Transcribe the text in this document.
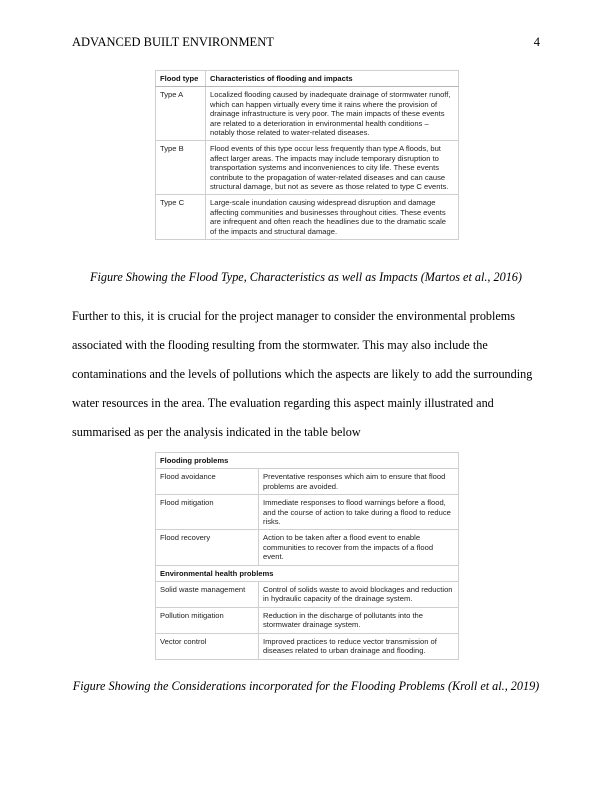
ADVANCED BUILT ENVIRONMENT	4
Flood type	Characteristics of flooding and impacts
Type A	Localized flooding caused by inadequate drainage of stormwater runoff, which can happen virtually every time it rains where the provision of drainage infrastructure is very poor. The main impacts of these events are related to a deterioration in environmental health conditions – notably those related to water-related diseases.
Type B	Flood events of this type occur less frequently than type A floods, but affect larger areas. The impacts may include temporary disruption to transportation systems and inconveniences to city life. These events contribute to the propagation of water-related diseases and can cause structural damage, but not as severe as those related to type C events.
Type C	Large-scale inundation causing widespread disruption and damage affecting communities and businesses throughout cities. These events are infrequent and often reach the headlines due to the dramatic scale of the impacts and structural damage.
Figure Showing the Flood Type, Characteristics as well as Impacts (Martos et al., 2016)

Further to this, it is crucial for the project manager to consider the environmental problems associated with the flooding resulting from the stormwater. This may also include the contaminations and the levels of pollutions which the aspects are likely to add the surrounding water resources in the area. The evaluation regarding this aspect mainly illustrated and summarised as per the analysis indicated in the table below

Flooding problems	
Flood avoidance	Preventative responses which aim to ensure that flood problems are avoided.
Flood mitigation	Immediate responses to flood warnings before a flood, and the course of action to take during a flood to reduce risks.
Flood recovery	Action to be taken after a flood event to enable communities to recover from the impacts of a flood event.
Environmental health problems	
Solid waste management	Control of solids waste to avoid blockages and reduction in hydraulic capacity of the drainage system.
Pollution mitigation	Reduction in the discharge of pollutants into the stormwater drainage system.
Vector control	Improved practices to reduce vector transmission of diseases related to urban drainage and flooding.
Figure Showing the Considerations incorporated for the Flooding Problems (Kroll et al., 2019)
